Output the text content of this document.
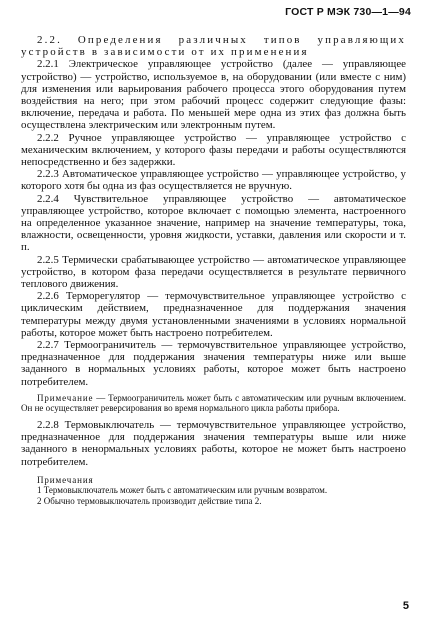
ГОСТ Р МЭК 730—1—94

2.2. Определения различных типов управляющих устройств в зависимости от их применения

2.2.1 Электрическое управляющее устройство (далее — управляющее устройство) — устройство, используемое в, на оборудовании (или вместе с ним) для изменения или варьирования рабочего процесса этого оборудования путем воздействия на него; при этом рабочий процесс содержит следующие фазы: включение, передача и работа. По меньшей мере одна из этих фаз должна быть осуществлена электрическим или электронным путем.

2.2.2 Ручное управляющее устройство — управляющее устройство с механическим включением, у которого фазы передачи и работы осуществляются непосредственно и без задержки.

2.2.3 Автоматическое управляющее устройство — управляющее устройство, у которого хотя бы одна из фаз осуществляется не вручную.

2.2.4 Чувствительное управляющее устройство — автоматическое управляющее устройство, которое включает с помощью элемента, настроенного на определенное указанное значение, например на значение температуры, тока, влажности, освещенности, уровня жидкости, уставки, давления или скорости и т. п.

2.2.5 Термически срабатывающее устройство — автоматическое управляющее устройство, в котором фаза передачи осуществляется в результате первичного теплового движения.

2.2.6 Терморегулятор — термочувствительное управляющее устройство с циклическим действием, предназначенное для поддержания значения температуры между двумя установленными значениями в условиях нормальной работы, которое может быть настроено потребителем.

2.2.7 Термоограничитель — термочувствительное управляющее устройство, предназначенное для поддержания значения температуры ниже или выше заданного в нормальных условиях работы, которое может быть настроено потребителем.

Примечание — Термоограничитель может быть с автоматическим или ручным включением. Он не осуществляет реверсирования во время нормального цикла работы прибора.

2.2.8 Термовыключатель — термочувствительное управляющее устройство, предназначенное для поддержания значения температуры выше или ниже заданного в ненормальных условиях работы, которое не может быть настроено потребителем.

Примечания

1 Термовыключатель может быть с автоматическим или ручным возвратом.

2 Обычно термовыключатель производит действие типа 2.

5
